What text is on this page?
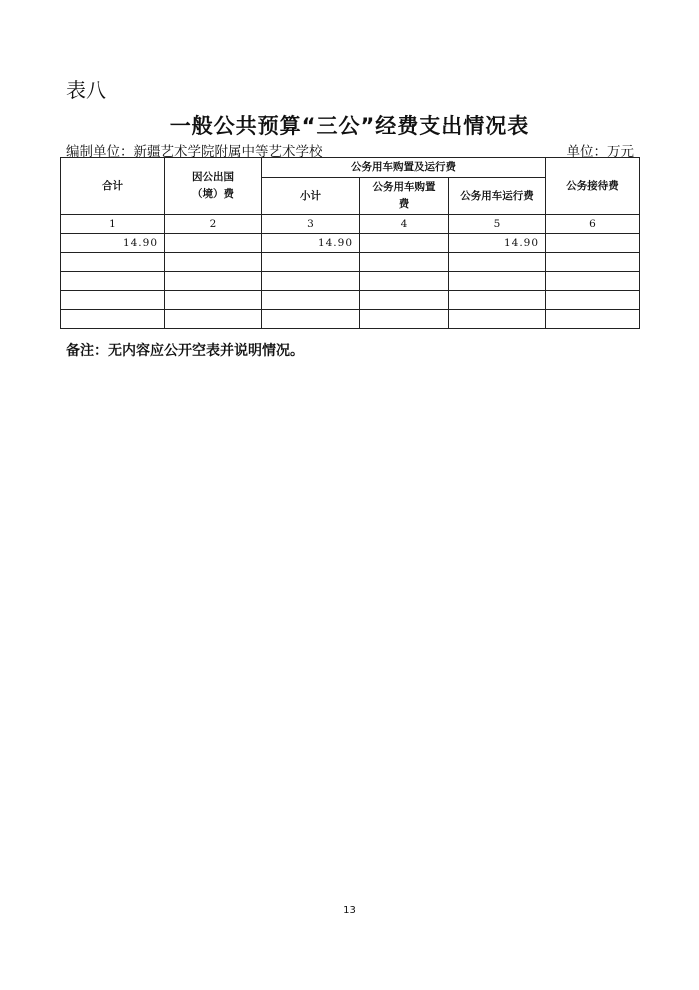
表八
一般公共预算“三公”经费支出情况表
编制单位：新疆艺术学院附属中等艺术学校	单位：万元
合计	因公出国（境）费	公务用车购置及运行费			公务接待费
		小计	公务用车购置费	公务用车运行费	
1	2	3	4	5	6
14.90		14.90		14.90	

备注：无内容应公开空表并说明情况。
13
